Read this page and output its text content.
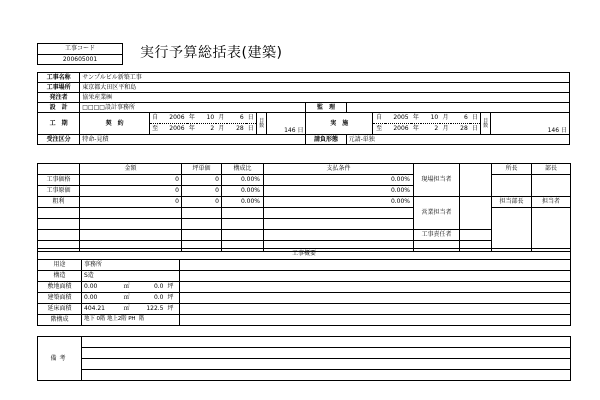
工事コード
200605001	実行予算総括表(建築)
工事名称	サンプルビル新築工事																				
工事場所	東京都大田区平和島																				
発注者	協栄産業㈱																				
設　計	□□□□設計事務所										監　理										
工　期	契　約	自	2006	年	10	月	6	日	日数	146 日	実　施		自	2005	年	10	月	6	日	日数	146 日
		至	2006	年	2	月	28	日					至	2006	年	2	月	28	日		
受注区分	特命-見積										請負形態	元請-単独									
	金額	坪単価	構成比	支払条件	現場担当者		所長	部長
工事価格	0	0	0.00%	0.00%				
工事原価	0	0	0.00%	0.00%				
粗利	0	0	0.00%	0.00%	営業担当者		担当部長	担当者

					工事責任者			

工事概要							
用途	事務所						
構造	S造						
敷地面積	0.00	㎡		0.0	坪		
建築面積	0.00	㎡		0.0	坪		
延床面積	404.21	㎡		122.5	坪		
階構成	地下 0階 地上2階 PH 階						
備考	
